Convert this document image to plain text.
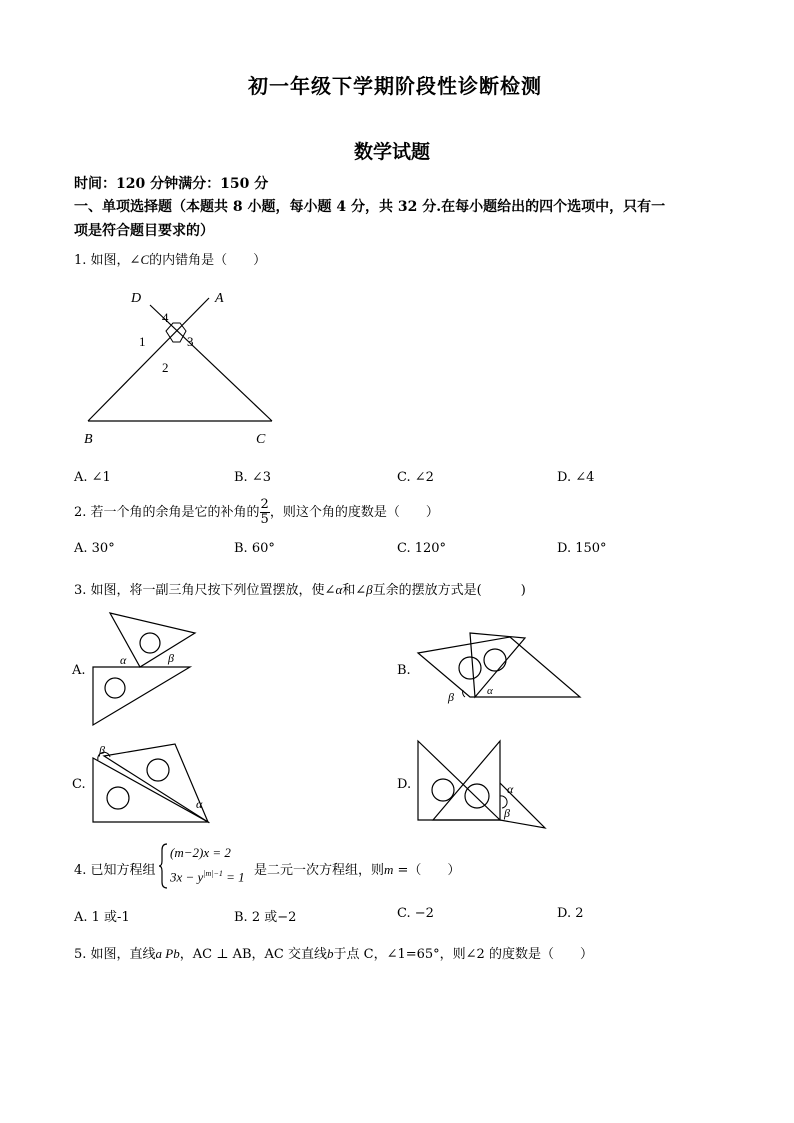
初一年级下学期阶段性诊断检测
数学试题
时间：120 分钟满分：150 分
一、单项选择题（本题共 8 小题，每小题 4 分，共 32 分.在每小题给出的四个选项中，只有一
项是符合题目要求的）
1. 如图，∠C的内错角是（　　）
D	A
B	C
4
1	3
2
A. ∠1	B. ∠3	C. ∠2	D. ∠4
2. 若一个角的余角是它的补角的 $\frac{2}{5}$ ，则这个角的度数是（　　）
A. 30°	B. 60°	C. 120°	D. 150°
3. 如图，将一副三角尺按下列位置摆放，使∠α和∠β互余的摆放方式是(　　　)
A.
α	β
B.
α
β
C.
β
α
D.	α
β
4. 已知方程组
(m−2)x = 2
$3x - y^{|m|-1} = 1$ 是二元一次方程组，则m =（　　）
A. 1 或-1	B. 2 或−2	C. −2	D. 2
5. 如图，直线a Pb，AC ⊥ AB，AC 交直线b于点 C，∠1=65°，则∠2 的度数是（　　）
